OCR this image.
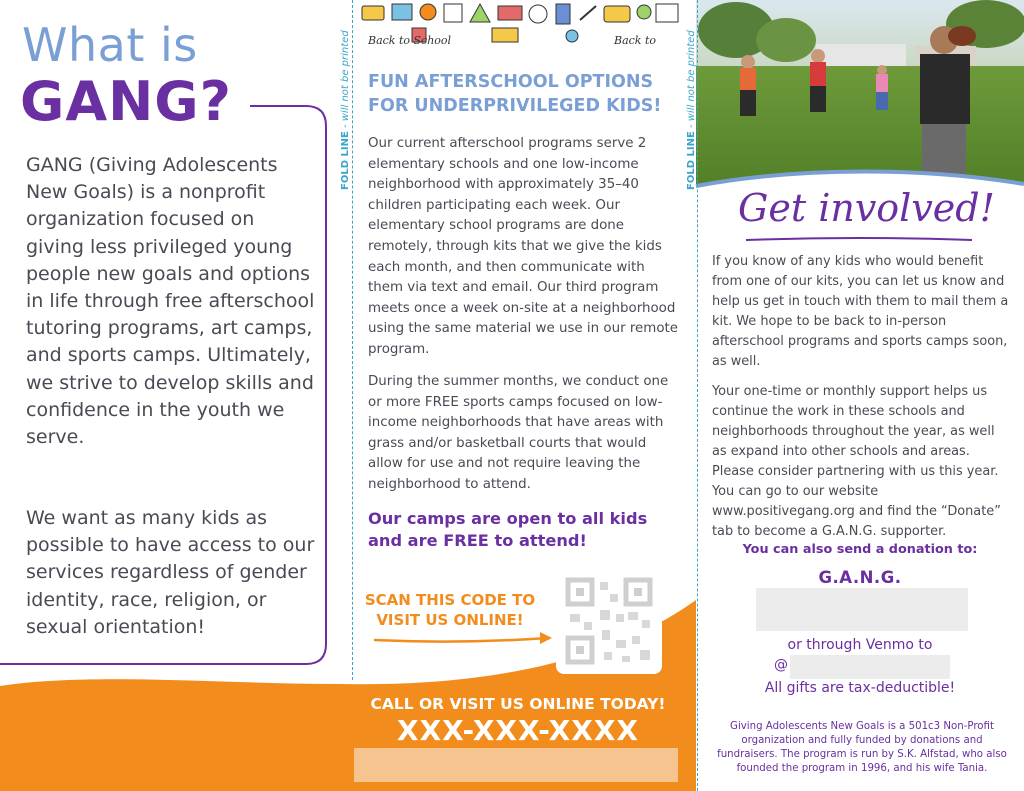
What is
GANG?
GANG (Giving Adolescents New Goals) is a nonprofit organization focused on giving less privileged young people new goals and options in life through free afterschool tutoring programs, art camps, and sports camps. Ultimately, we strive to develop skills and confidence in the youth we serve.
We want as many kids as possible to have access to our services regardless of gender identity, race, religion, or sexual orientation!
Back to School	Back to
FOLD LINE - will not be printed FUN AFTERSCHOOL OPTIONS FOR UNDERPRIVILEGED KIDS!
Our current afterschool programs serve 2 elementary schools and one low-income neighborhood with approximately 35–40 children participating each week. Our elementary school programs are done remotely, through kits that we give the kids each month, and then communicate with them via text and email. Our third program meets once a week on-site at a neighborhood using the same material we use in our remote program.
During the summer months, we conduct one or more FREE sports camps focused on low-income neighborhoods that have areas with grass and/or basketball courts that would allow for use and not require leaving the neighborhood to attend.
Our camps are open to all kids and are FREE to attend!
SCAN THIS CODE TO
VISIT US ONLINE!
CALL OR VISIT US ONLINE TODAY!
XXX-XXX-XXXX
FOLD LINE - will not be printed
Get involved!
If you know of any kids who would benefit from one of our kits, you can let us know and help us get in touch with them to mail them a kit. We hope to be back to in-person afterschool programs and sports camps soon, as well.
Your one-time or monthly support helps us continue the work in these schools and neighborhoods throughout the year, as well as expand into other schools and areas. Please consider partnering with us this year. You can go to our website www.positivegang.org and find the “Donate” tab to become a G.A.N.G. supporter.
You can also send a donation to:
G.A.N.G.
or through Venmo to
@
All gifts are tax-deductible!
Giving Adolescents New Goals is a 501c3 Non-Profit organization and fully funded by donations and fundraisers. The program is run by S.K. Alfstad, who also founded the program in 1996, and his wife Tania.
